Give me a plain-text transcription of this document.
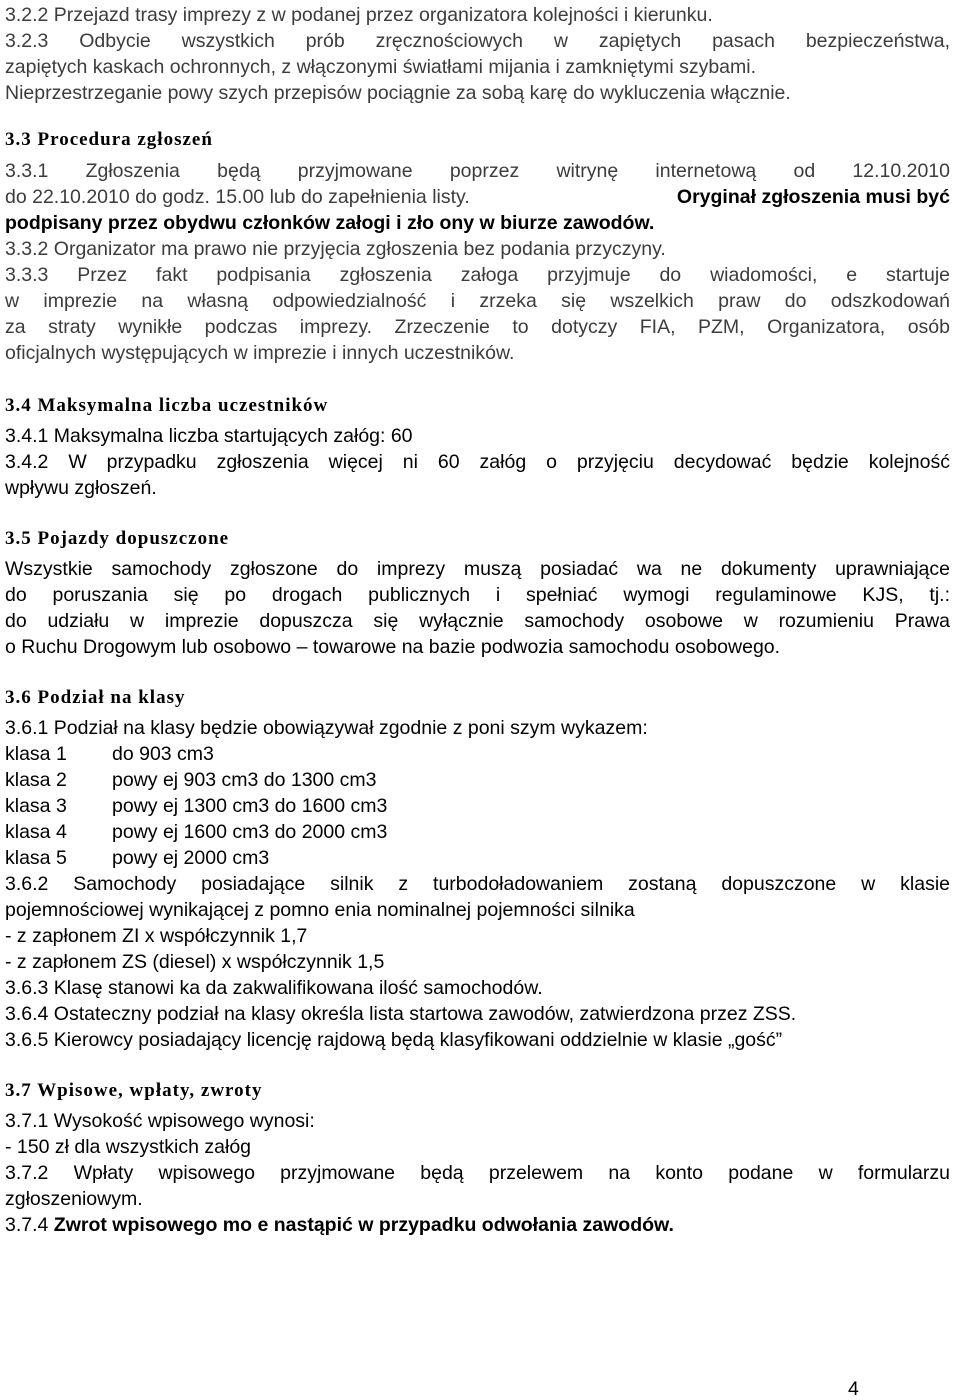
3.2.2 Przejazd trasy imprezy z w podanej przez organizatora kolejności i kierunku.
3.2.3 Odbycie wszystkich prób zręcznościowych w zapiętych pasach bezpieczeństwa,
zapiętych kaskach ochronnych, z włączonymi światłami mijania i zamkniętymi szybami.
Nieprzestrzeganie powy szych przepisów pociągnie za sobą karę do wykluczenia włącznie.
3.3 Procedura zgłoszeń
3.3.1 Zgłoszenia będą przyjmowane poprzez witrynę internetową od 12.10.2010
do 22.10.2010 do godz. 15.00 lub do zapełnienia listy.	Oryginał zgłoszenia musi być
podpisany przez obydwu członków załogi i zło ony w biurze zawodów.
3.3.2 Organizator ma prawo nie przyjęcia zgłoszenia bez podania przyczyny.
3.3.3 Przez fakt podpisania zgłoszenia załoga przyjmuje do wiadomości, e startuje
w imprezie na własną odpowiedzialność i zrzeka się wszelkich praw do odszkodowań
za straty wynikłe podczas imprezy. Zrzeczenie to dotyczy FIA, PZM, Organizatora, osób
oficjalnych występujących w imprezie i innych uczestników.
3.4 Maksymalna liczba uczestników
3.4.1 Maksymalna liczba startujących załóg: 60
3.4.2 W przypadku zgłoszenia więcej ni 60 załóg o przyjęciu decydować będzie kolejność
wpływu zgłoszeń.
3.5 Pojazdy dopuszczone
Wszystkie samochody zgłoszone do imprezy muszą posiadać wa ne dokumenty uprawniające
do poruszania się po drogach publicznych i spełniać wymogi regulaminowe KJS, tj.:
do udziału w imprezie dopuszcza się wyłącznie samochody osobowe w rozumieniu Prawa
o Ruchu Drogowym lub osobowo – towarowe na bazie podwozia samochodu osobowego.
3.6 Podział na klasy
3.6.1 Podział na klasy będzie obowiązywał zgodnie z poni szym wykazem:
klasa 1 do 903 cm3
klasa 2 powy ej 903 cm3 do 1300 cm3
klasa 3 powy ej 1300 cm3 do 1600 cm3
klasa 4 powy ej 1600 cm3 do 2000 cm3
klasa 5 powy ej 2000 cm3
3.6.2 Samochody posiadające silnik z turbodoładowaniem zostaną dopuszczone w klasie
pojemnościowej wynikającej z pomno enia nominalnej pojemności silnika
- z zapłonem ZI x współczynnik 1,7
- z zapłonem ZS (diesel) x współczynnik 1,5
3.6.3 Klasę stanowi ka da zakwalifikowana ilość samochodów.
3.6.4 Ostateczny podział na klasy określa lista startowa zawodów, zatwierdzona przez ZSS.
3.6.5 Kierowcy posiadający licencję rajdową będą klasyfikowani oddzielnie w klasie „gość”
3.7 Wpisowe, wpłaty, zwroty
3.7.1 Wysokość wpisowego wynosi:
- 150 zł dla wszystkich załóg
3.7.2 Wpłaty wpisowego przyjmowane będą przelewem na konto podane w formularzu
zgłoszeniowym.
3.7.4 Zwrot wpisowego mo e nastąpić w przypadku odwołania zawodów.
4
